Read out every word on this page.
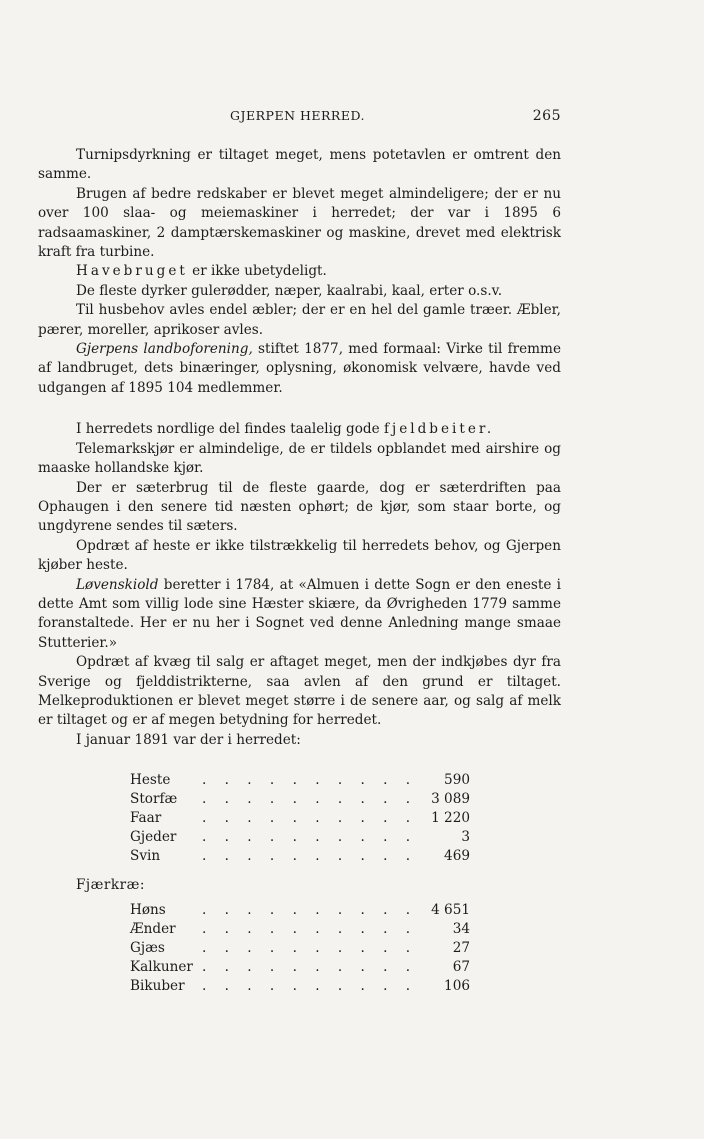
GJERPEN HERRED.	265

Turnipsdyrkning er tiltaget meget, mens potetavlen er omtrent den samme.

Brugen af bedre redskaber er blevet meget almindeligere; der er nu over 100 slaa- og meiemaskiner i herredet; der var i 1895 6 radsaamaskiner, 2 damptærskemaskiner og maskine, drevet med elektrisk kraft fra turbine.

Havebruget er ikke ubetydeligt.

De fleste dyrker gulerødder, næper, kaalrabi, kaal, erter o.s.v.

Til husbehov avles endel æbler; der er en hel del gamle træer. Æbler, pærer, moreller, aprikoser avles.

Gjerpens landboforening, stiftet 1877, med formaal: Virke til fremme af landbruget, dets binæringer, oplysning, økonomisk velvære, havde ved udgangen af 1895 104 medlemmer.

I herredets nordlige del findes taalelig gode fjeldbeiter.

Telemarkskjør er almindelige, de er tildels opblandet med airshire og maaske hollandske kjør.

Der er sæterbrug til de fleste gaarde, dog er sæterdriften paa Ophaugen i den senere tid næsten ophørt; de kjør, som staar borte, og ungdyrene sendes til sæters.

Opdræt af heste er ikke tilstrækkelig til herredets behov, og Gjerpen kjøber heste.

Løvenskiold beretter i 1784, at «Almuen i dette Sogn er den eneste i dette Amt som villig lode sine Hæster skiære, da Øvrigheden 1779 samme foranstaltede. Her er nu her i Sognet ved denne Anledning mange smaae Stutterier.»

Opdræt af kvæg til salg er aftaget meget, men der indkjøbes dyr fra Sverige og fjelddistrikterne, saa avlen af den grund er tiltaget. Melkeproduktionen er blevet meget større i de senere aar, og salg af melk er tiltaget og er af megen betydning for herredet.

I januar 1891 var der i herredet:

Heste . . . . . . . . . . 590
Storfæ . . . . . . . . . . 3 089
Faar	. . . . . . . . . . 1 220
Gjeder . . . . . . . . . .	3
Svin	. . . . . . . . . . 469
Fjærkræ:
Høns	. . . . . . . . . . 4 651
Ænder . . . . . . . . . .	34
Gjæs	. . . . . . . . . .	27
Kalkuner . . . . . . . . . .	67
Bikuber . . . . . . . . . . 106
